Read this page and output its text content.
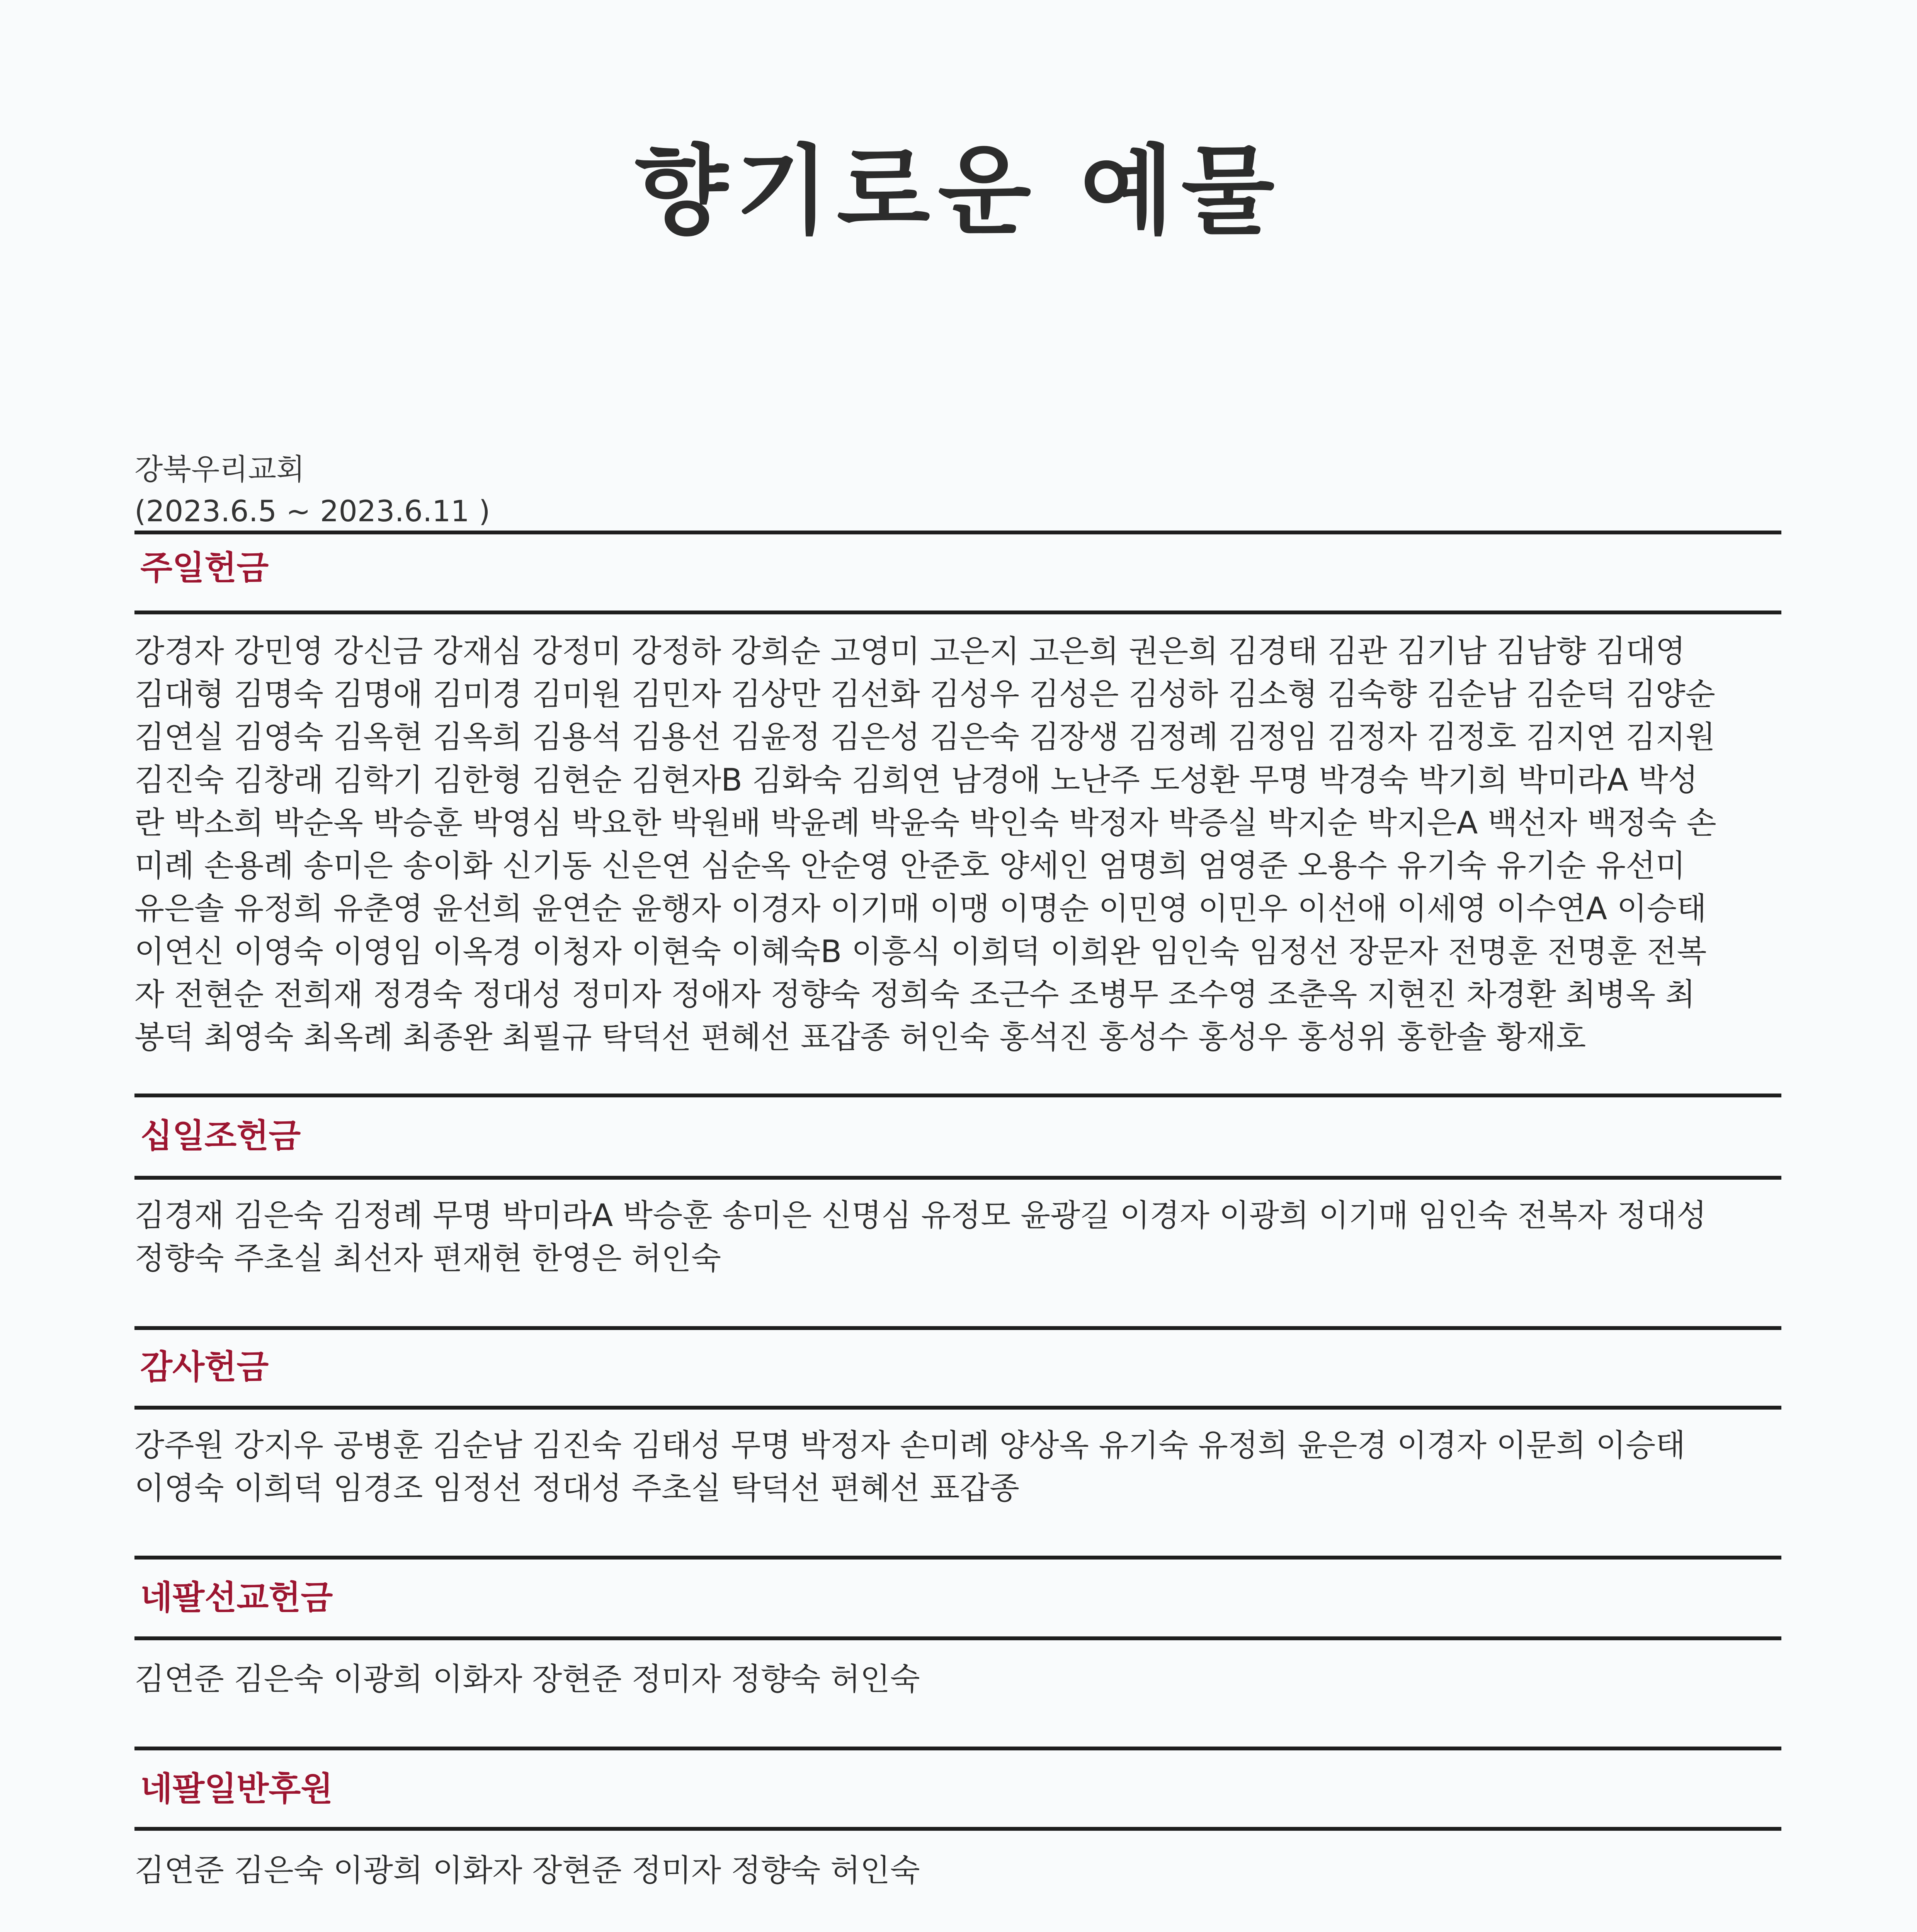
향기로운 예물
강북우리교회
(2023.6.5 ~ 2023.6.11 )
주일헌금
강경자 강민영 강신금 강재심 강정미 강정하 강희순 고영미 고은지 고은희 권은희 김경태 김관 김기남 김남향 김대영
김대형 김명숙 김명애 김미경 김미원 김민자 김상만 김선화 김성우 김성은 김성하 김소형 김숙향 김순남 김순덕 김양순
김연실 김영숙 김옥현 김옥희 김용석 김용선 김윤정 김은성 김은숙 김장생 김정례 김정임 김정자 김정호 김지연 김지원
김진숙 김창래 김학기 김한형 김현순 김현자B 김화숙 김희연 남경애 노난주 도성환 무명 박경숙 박기희 박미라A 박성
란 박소희 박순옥 박승훈 박영심 박요한 박원배 박윤례 박윤숙 박인숙 박정자 박증실 박지순 박지은A 백선자 백정숙 손
미례 손용례 송미은 송이화 신기동 신은연 심순옥 안순영 안준호 양세인 엄명희 엄영준 오용수 유기숙 유기순 유선미
유은솔 유정희 유춘영 윤선희 윤연순 윤행자 이경자 이기매 이맹 이명순 이민영 이민우 이선애 이세영 이수연A 이승태
이연신 이영숙 이영임 이옥경 이청자 이현숙 이혜숙B 이흥식 이희덕 이희완 임인숙 임정선 장문자 전명훈 전명훈 전복
자 전현순 전희재 정경숙 정대성 정미자 정애자 정향숙 정희숙 조근수 조병무 조수영 조춘옥 지현진 차경환 최병옥 최
봉덕 최영숙 최옥례 최종완 최필규 탁덕선 편혜선 표갑종 허인숙 홍석진 홍성수 홍성우 홍성위 홍한솔 황재호
십일조헌금
김경재 김은숙 김정례 무명 박미라A 박승훈 송미은 신명심 유정모 윤광길 이경자 이광희 이기매 임인숙 전복자 정대성
정향숙 주초실 최선자 편재현 한영은 허인숙
감사헌금
강주원 강지우 공병훈 김순남 김진숙 김태성 무명 박정자 손미례 양상옥 유기숙 유정희 윤은경 이경자 이문희 이승태
이영숙 이희덕 임경조 임정선 정대성 주초실 탁덕선 편혜선 표갑종
네팔선교헌금
김연준 김은숙 이광희 이화자 장현준 정미자 정향숙 허인숙
네팔일반후원
김연준 김은숙 이광희 이화자 장현준 정미자 정향숙 허인숙
